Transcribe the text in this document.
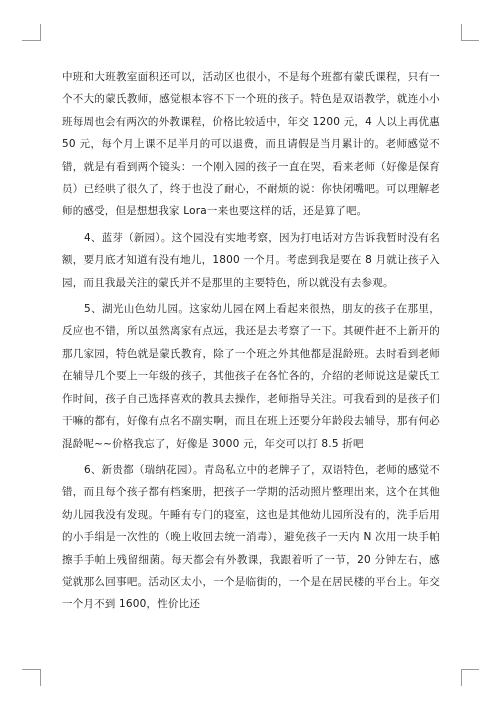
中班和大班教室面积还可以，活动区也很小，不是每个班都有蒙氏课程，只有一个不大的蒙氏教师，感觉根本容不下一个班的孩子。特色是双语教学，就连小小班每周也会有两次的外教课程，价格比较适中，年交 1200 元，4 人以上再优惠 50 元，每个月上课不足半月的可以退费，而且请假是当月累计的。老师感觉不错，就是有看到两个镜头：一个刚入园的孩子一直在哭，看来老师（好像是保育员）已经哄了很久了，终于也没了耐心，不耐烦的说：你快闭嘴吧。可以理解老师的感受，但是想想我家 Lora一来也要这样的话，还是算了吧。

4、蓝芽（新园）。这个园没有实地考察，因为打电话对方告诉我暂时没有名额，要月底才知道有没有地儿，1800 一个月。考虑到我是要在 8 月就让孩子入园，而且我最关注的蒙氏并不是那里的主要特色，所以就没有去参观。

5、湖光山色幼儿园。这家幼儿园在网上看起来很热，朋友的孩子在那里，反应也不错，所以虽然离家有点远，我还是去考察了一下。其硬件赶不上新开的那几家园，特色就是蒙氏教育，除了一个班之外其他都是混龄班。去时看到老师在辅导几个要上一年级的孩子，其他孩子在各忙各的，介绍的老师说这是蒙氏工作时间，孩子自己选择喜欢的教具去操作，老师指导关注。可我看到的是孩子们干嘛的都有，好像有点名不副实啊，而且在班上还要分年龄段去辅导，那有何必混龄呢~~价格我忘了，好像是 3000 元，年交可以打 8.5 折吧

6、新贵都（瑞纳花园）。青岛私立中的老牌子了，双语特色，老师的感觉不错，而且每个孩子都有档案册，把孩子一学期的活动照片整理出来，这个在其他幼儿园我没有发现。午睡有专门的寝室，这也是其他幼儿园所没有的，洗手后用的小手绢是一次性的（晚上收回去统一消毒），避免孩子一天内 N 次用一块手帕擦手手帕上残留细菌。每天都会有外教课，我跟着听了一节，20 分钟左右，感觉就那么回事吧。活动区太小，一个是临街的，一个是在居民楼的平台上。年交一个月不到 1600，性价比还
